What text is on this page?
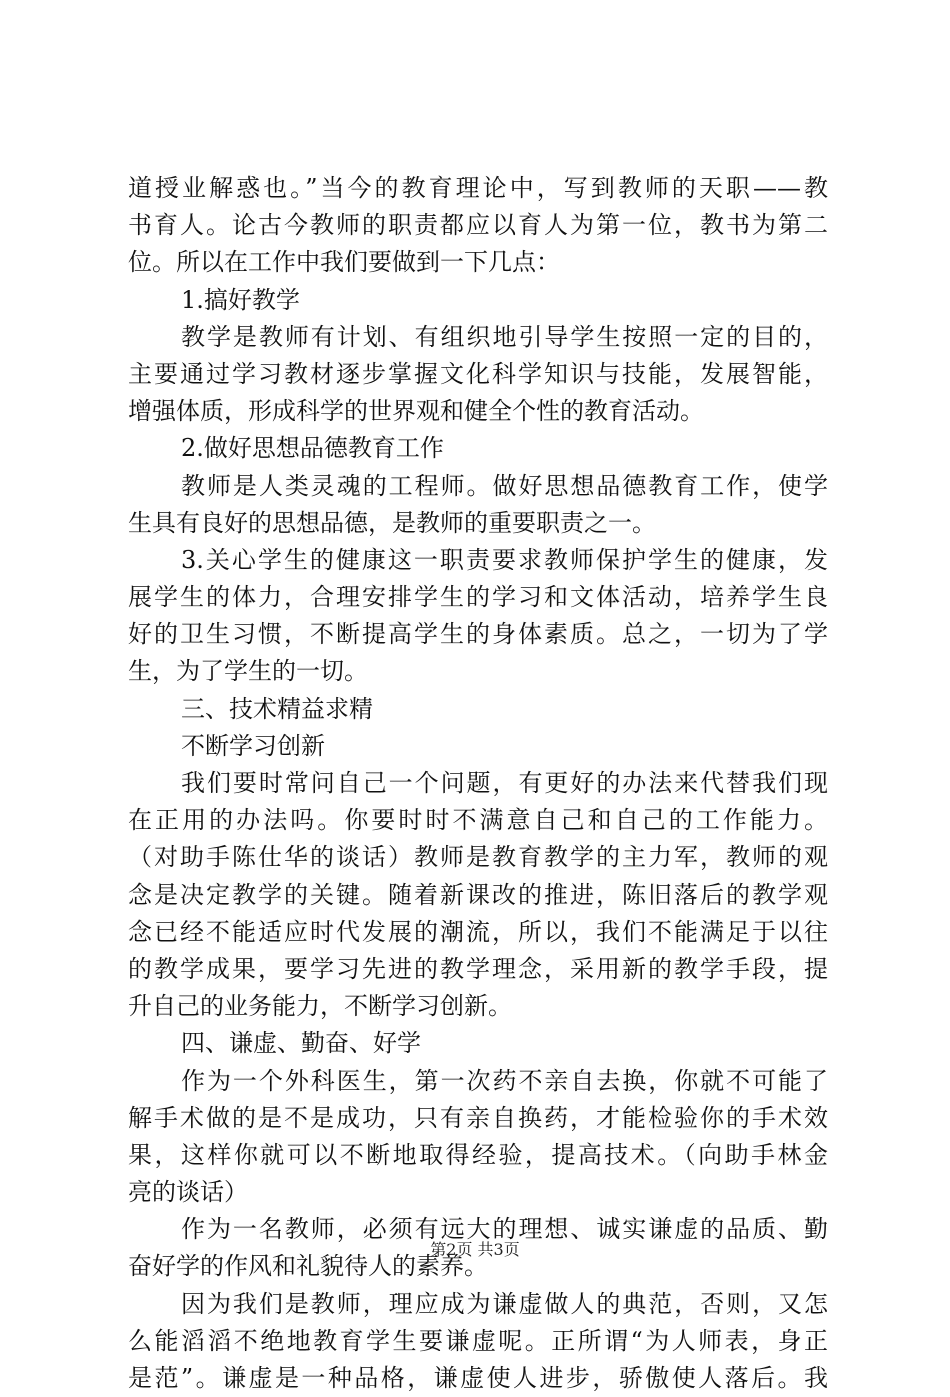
道授业解惑也。”当今的教育理论中，写到教师的天职——教
书育人。论古今教师的职责都应以育人为第一位，教书为第二
位。所以在工作中我们要做到一下几点：
1.搞好教学
教学是教师有计划、有组织地引导学生按照一定的目的，
主要通过学习教材逐步掌握文化科学知识与技能，发展智能，
增强体质，形成科学的世界观和健全个性的教育活动。
2.做好思想品德教育工作
教师是人类灵魂的工程师。做好思想品德教育工作，使学
生具有良好的思想品德，是教师的重要职责之一。
3.关心学生的健康这一职责要求教师保护学生的健康，发
展学生的体力，合理安排学生的学习和文体活动，培养学生良
好的卫生习惯，不断提高学生的身体素质。总之，一切为了学
生，为了学生的一切。
三、技术精益求精
不断学习创新
我们要时常问自己一个问题，有更好的办法来代替我们现
在正用的办法吗。你要时时不满意自己和自己的工作能力。
（对助手陈仕华的谈话）教师是教育教学的主力军，教师的观
念是决定教学的关键。随着新课改的推进，陈旧落后的教学观
念已经不能适应时代发展的潮流，所以，我们不能满足于以往
的教学成果，要学习先进的教学理念，采用新的教学手段，提
升自己的业务能力，不断学习创新。
四、谦虚、勤奋、好学
作为一个外科医生，第一次药不亲自去换，你就不可能了
解手术做的是不是成功，只有亲自换药，才能检验你的手术效
果，这样你就可以不断地取得经验，提高技术。（向助手林金
亮的谈话）
作为一名教师，必须有远大的理想、诚实谦虚的品质、勤
奋好学的作风和礼貌待人的素养。
因为我们是教师，理应成为谦虚做人的典范，否则，又怎
么能滔滔不绝地教育学生要谦虚呢。正所谓“为人师表，身正
是范”。谦虚是一种品格，谦虚使人进步，骄傲使人落后。我
第2页 共3页
